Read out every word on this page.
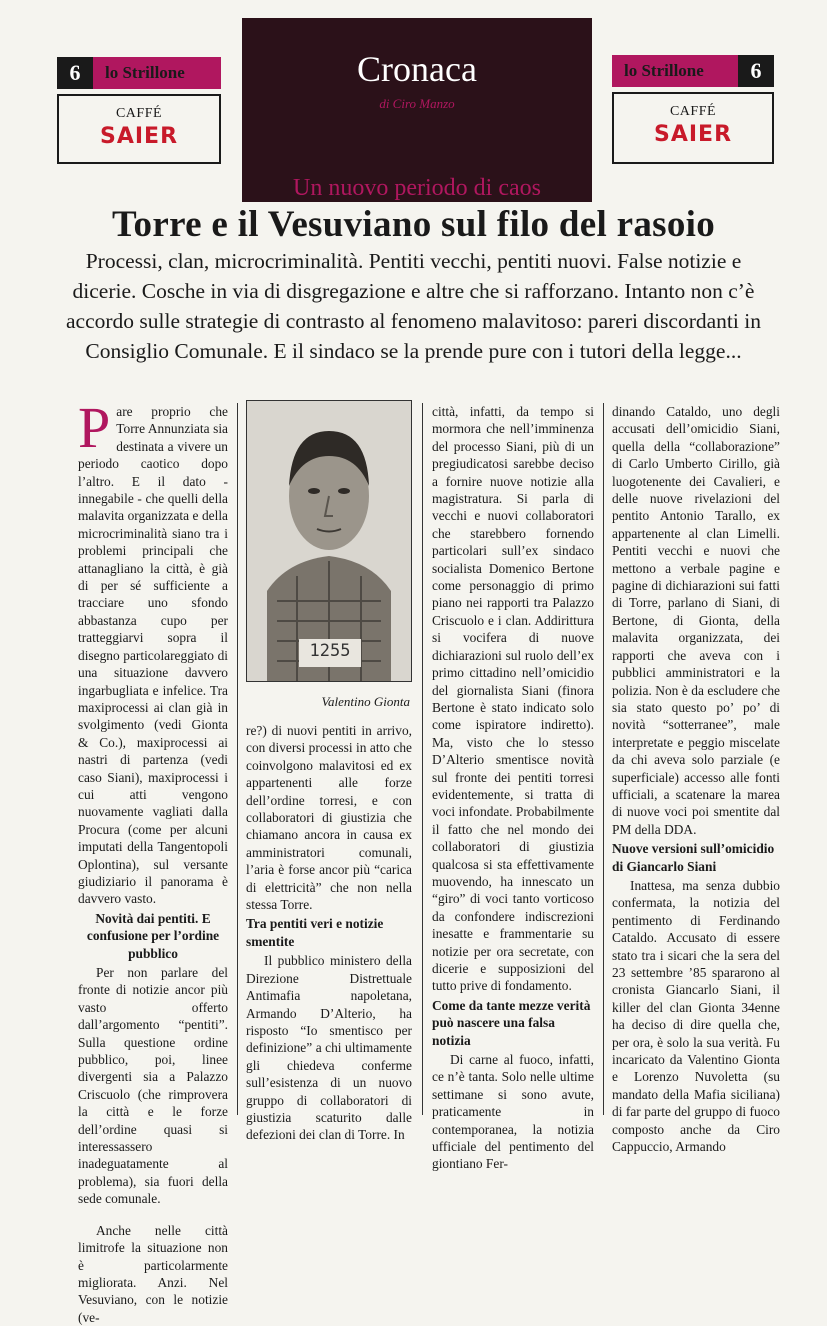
6	lo Strillone
CAFFÉ
SAIER
Cronaca
di Ciro Manzo
Un nuovo periodo di caos
lo Strillone	6
CAFFÉ
SAIER
Torre e il Vesuviano sul filo del rasoio

Processi, clan, microcriminalità. Pentiti vecchi, pentiti nuovi. False notizie e dicerie. Cosche in via di disgregazione e altre che si rafforzano. Intanto non c’è accordo sulle strategie di contrasto al fenomeno malavitoso: pareri discordanti in Consiglio Comunale. E il sindaco se la prende pure con i tutori della legge...

Pare proprio che Torre Annunziata sia destinata a vivere un periodo caotico dopo l’altro. E il dato - innegabile - che quelli della malavita organizzata e della microcriminalità siano tra i problemi principali che attanagliano la città, è già di per sé sufficiente a tracciare uno sfondo abbastanza cupo per tratteggiarvi sopra il disegno particolareggiato di una situazione davvero ingarbugliata e infelice. Tra maxiprocessi ai clan già in svolgimento (vedi Gionta & Co.), maxiprocessi ai nastri di partenza (vedi caso Siani), maxiprocessi i cui atti vengono nuovamente vagliati dalla Procura (come per alcuni imputati della Tangentopoli Oplontina), sul versante giudiziario il panorama è davvero vasto.

Novità dai pentiti. E confusione per l’ordine pubblico

Per non parlare del fronte di notizie ancor più vasto offerto dall’argomento “pentiti”. Sulla questione ordine pubblico, poi, linee divergenti sia a Palazzo Criscuolo (che rimprovera la città e le forze dell’ordine quasi si interessassero inadeguatamente al problema), sia fuori della sede comunale.

Anche nelle città limitrofe la situazione non è particolarmente migliorata. Anzi. Nel Vesuviano, con le notizie (ve-

1255
Valentino Gionta

re?) di nuovi pentiti in arrivo, con diversi processi in atto che coinvolgono malavitosi ed ex appartenenti alle forze dell’ordine torresi, e con collaboratori di giustizia che chiamano ancora in causa ex amministratori comunali, l’aria è forse ancor più “carica di elettricità” che non nella stessa Torre.

Tra pentiti veri e notizie smentite

Il pubblico ministero della Direzione Distrettuale Antimafia napoletana, Armando D’Alterio, ha risposto “Io smentisco per definizione” a chi ultimamente gli chiedeva conferme sull’esistenza di un nuovo gruppo di collaboratori di giustizia scaturito dalle defezioni dei clan di Torre. In

città, infatti, da tempo si mormora che nell’imminenza del processo Siani, più di un pregiudicatosi sarebbe deciso a fornire nuove notizie alla magistratura. Si parla di vecchi e nuovi collaboratori che starebbero fornendo particolari sull’ex sindaco socialista Domenico Bertone come personaggio di primo piano nei rapporti tra Palazzo Criscuolo e i clan. Addirittura si vocifera di nuove dichiarazioni sul ruolo dell’ex primo cittadino nell’omicidio del giornalista Siani (finora Bertone è stato indicato solo come ispiratore indiretto). Ma, visto che lo stesso D’Alterio smentisce novità sul fronte dei pentiti torresi evidentemente, si tratta di voci infondate. Probabilmente il fatto che nel mondo dei collaboratori di giustizia qualcosa si sta effettivamente muovendo, ha innescato un “giro” di voci tanto vorticoso da confondere indiscrezioni inesatte e frammentarie su notizie per ora secretate, con dicerie e supposizioni del tutto prive di fondamento.

Come da tante mezze verità può nascere una falsa notizia

Di carne al fuoco, infatti, ce n’è tanta. Solo nelle ultime settimane si sono avute, praticamente in contemporanea, la notizia ufficiale del pentimento del giontiano Fer-

dinando Cataldo, uno degli accusati dell’omicidio Siani, quella della “collaborazione” di Carlo Umberto Cirillo, già luogotenente dei Cavalieri, e delle nuove rivelazioni del pentito Antonio Tarallo, ex appartenente al clan Limelli. Pentiti vecchi e nuovi che mettono a verbale pagine e pagine di dichiarazioni sui fatti di Torre, parlano di Siani, di Bertone, di Gionta, della malavita organizzata, dei rapporti che aveva con i pubblici amministratori e la polizia. Non è da escludere che sia stato questo po’ po’ di novità “sotterranee”, male interpretate e peggio miscelate da chi aveva solo parziale (e superficiale) accesso alle fonti ufficiali, a scatenare la marea di nuove voci poi smentite dal PM della DDA.

Nuove versioni sull’omicidio di Giancarlo Siani

Inattesa, ma senza dubbio confermata, la notizia del pentimento di Ferdinando Cataldo. Accusato di essere stato tra i sicari che la sera del 23 settembre ’85 spararono al cronista Giancarlo Siani, il killer del clan Gionta 34enne ha deciso di dire quella che, per ora, è solo la sua verità. Fu incaricato da Valentino Gionta e Lorenzo Nuvoletta (su mandato della Mafia siciliana) di far parte del gruppo di fuoco composto anche da Ciro Cappuccio, Armando
